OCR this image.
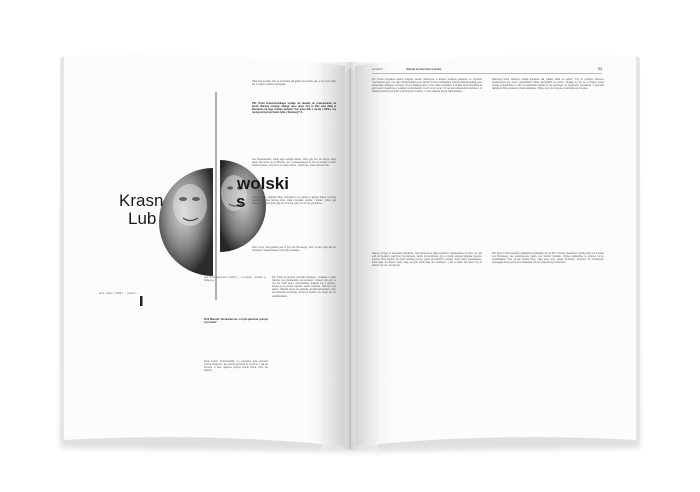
Krasn
Lub
wolski
s
w rudo??	Oleszki montart kino polskie	53
Takie bez sa takie oba, te wszystkie jak gdyby nie istnialy, jak, a juz moze tylko sie w naszym pisaniu spotykaja.
PW: Proza Krasnowolskiego wydaje sie idealna do przeniesienia na ekran. Barwne motywy, dialogi, duzo akcji. Czy to Pan oraz dalej w literaturze na tego rodzaju wplywy? Czy pisze Pan z mysla o filmie, czy raczej pomysl wychodzi tylko z literatury? Z...
Jan Krasnowolski: Lubie tego rodzaju fabule, lubie gdy cos sie dzieje, lubie akcje. Nie wiem czy to filmowe, ale z pewnoscia jest to cos co wynika z moich zainteresowan. Czy pisze z mysla o filmie - chyba nie, choc moze troche...
Czytam duzo, ogladam filmy, wszystko to sie gdzies w glowie zbiera i pozniej wychodzi. Lubie historie ktore maja poczatek, srodek i koniec. Lubie gdy bohater cos przezywa, gdy sie zmienia, gdy cos mu sie przydarza...
Wiec moze rzeczywiscie jest w tym cos filmowego, choc ja sam tego tak nie nazywam. Najwazniejsze zeby bylo ciekawie...
Jan Krasnowolski (1972) — prozaik, dramat w Zamęcie...
Jurk Lubov (1976) — pisarz...
Piotr Marecki: Zaczasnam sie, co bylo pierwsze: pomysl czy forma?
Szyk Lubov: Krasnowolski, no wszedzie bylo przeciez mozna zobaczyc, ale pozniej przeszlo to w forme, i tak sie zaczelo, a wiec najpierw pomysl potem forma, choc nie zawsze...
PS: Tutaj sie jeszcze wsrodku dopisuje i zostawie to jako historia, nie opowiadanie ani powiesc. Czasem tak jest ze cos sie rodzi samo. Opowiadanie pojawia sie w glowie i trzeba je po prostu zapisac, zanim ucieknie. Tak bylo tym razem. Historia sama sie napisala, ja tylko pilnowalem zeby nie zboczyla za bardzo. W koncu wyszlo cos czego sie nie spodziewalem...
PS: Proza wysylana powoli znajduje swoich odbiorcow, a kolejne wydania pokazuja ze czytelnik rzeczywiscie jest. Czy taki rodzaj literatury ma szanse? Trudno powiedziec. Proza Krasnowolskiego jest pelna akcji, dialogow, zwrotow. To cos bliskiego kinu, moze nawet serialowi. Z drugiej strony literatura ta jest mocno osadzona w polskiej rzeczywistosci, w tym co tu i teraz. To nie jest uniwersalna opowiesc, to historia konkretnych ludzi w konkretnym miejscu. I moze wlasnie to jest najciekawsze...
Zalezy od tego co nazywamy literatura. Jesli literatura to tylko powiesci i opowiadania, to moze nie. Ale jesli do literatury zaliczymy scenariusze, teksty do komiksow, gry, to wtedy sprawa wyglada zupelnie inaczej. Dzis granice sa coraz bardziej plynne, jedno przechodzi w drugie. Autor pisze opowiadanie, ktore staje sie filmem, ktory staje sie gra, ktora staje sie komiksem. I tak w kolko. Nie wiem czy to dobrze czy zle, ale tak jest...
Dlaczego Pana zdaniem polska literatura tak rzadko trafia na ekran? Czy to problem tworcow, producentow czy moze czytelnikow? Moze wszystkich po trochu. Wydaje mi sie ze w Polsce wciaz istnieje przekonanie ze film na podstawie ksiazki to cos gorszego niz oryginalny scenariusz. A przeciez najlepsze filmy swiata to czesto adaptacje. Mysle ze to sie zmienia, powoli ale sie zmienia...
PM: Ktory z Pana tekstow najbardziej nadawalby sie na film? Trudno powiedziec. Kazdy tekst ma w sobie cos filmowego, ale jednoczesnie kazdy jest bardzo literacki. Chyba najbardziej te krotsze formy, opowiadania. One sa jak krotkie filmy, maja swoj rytm, swoja dynamike. Powiesci sa trudniejsze, wymagaja wiecej pracy przy adaptacji. Ale tez daja wiecej mozliwosci...
